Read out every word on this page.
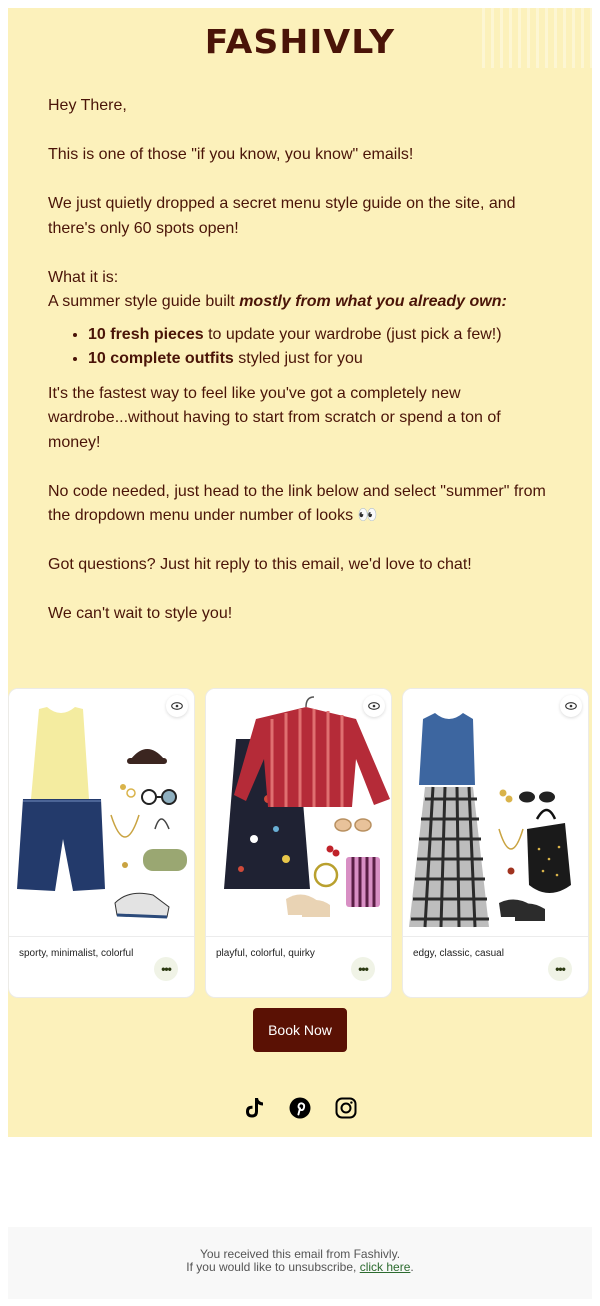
FASHIVLY

Hey There,

This is one of those "if you know, you know" emails!

We just quietly dropped a secret menu style guide on the site, and there's only 60 spots open!

What it is:

A summer style guide built mostly from what you already own:

• 10 fresh pieces to update your wardrobe (just pick a few!)
• 10 complete outfits styled just for you

It's the fastest way to feel like you've got a completely new wardrobe...without having to start from scratch or spend a ton of money!

No code needed, just head to the link below and select "summer" from the dropdown menu under number of looks 👀

Got questions? Just hit reply to this email, we'd love to chat!

We can't wait to style you!

sporty, minimalist, colorful
•••
playful, colorful, quirky
•••
edgy, classic, casual
•••
Book Now
You received this email from Fashivly.
If you would like to unsubscribe, click here.
